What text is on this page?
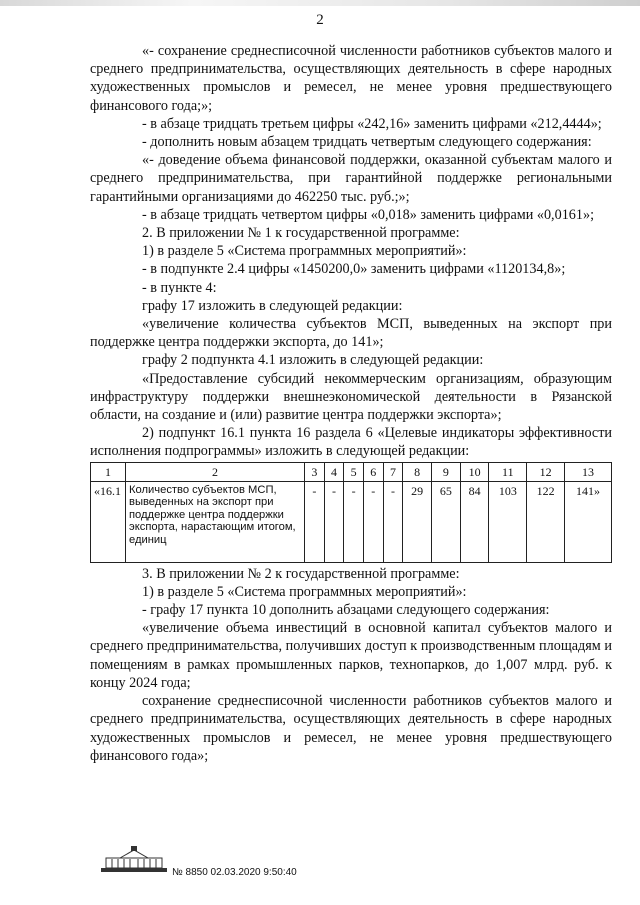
2

«- сохранение среднесписочной численности работников субъектов малого и среднего предпринимательства, осуществляющих деятельность в сфере народных художественных промыслов и ремесел, не менее уровня предшествующего финансового года;»;

- в абзаце тридцать третьем цифры «242,16» заменить цифрами «212,4444»;

- дополнить новым абзацем тридцать четвертым следующего содержания:

«- доведение объема финансовой поддержки, оказанной субъектам малого и среднего предпринимательства, при гарантийной поддержке региональными гарантийными организациями до 462250 тыс. руб.;»;

- в абзаце тридцать четвертом цифры «0,018» заменить цифрами «0,0161»;

2. В приложении № 1 к государственной программе:

1) в разделе 5 «Система программных мероприятий»:

- в подпункте 2.4 цифры «1450200,0» заменить цифрами «1120134,8»;

- в пункте 4:

графу 17 изложить в следующей редакции:

«увеличение количества субъектов МСП, выведенных на экспорт при поддержке центра поддержки экспорта, до 141»;

графу 2 подпункта 4.1 изложить в следующей редакции:

«Предоставление субсидий некоммерческим организациям, образующим инфраструктуру поддержки внешнеэкономической деятельности в Рязанской области, на создание и (или) развитие центра поддержки экспорта»;

2) подпункт 16.1 пункта 16 раздела 6 «Целевые индикаторы эффективности исполнения подпрограммы» изложить в следующей редакции:

1	2	3	4	5	6	7	8	9	10	11	12	13
«16.1	Количество субъектов МСП, выведенных на экспорт при поддержке центра поддержки экспорта, нарастающим итогом, единиц	-	-	-	-	-	29	65	84	103	122	141»

3. В приложении № 2 к государственной программе:

1) в разделе 5 «Система программных мероприятий»:

- графу 17 пункта 10 дополнить абзацами следующего содержания:

«увеличение объема инвестиций в основной капитал субъектов малого и среднего предпринимательства, получивших доступ к производственным площадям и помещениям в рамках промышленных парков, технопарков, до 1,007 млрд. руб. к концу 2024 года;

сохранение среднесписочной численности работников субъектов малого и среднего предпринимательства, осуществляющих деятельность в сфере народных художественных промыслов и ремесел, не менее уровня предшествующего финансового года»;

№ 8850 02.03.2020 9:50:40
